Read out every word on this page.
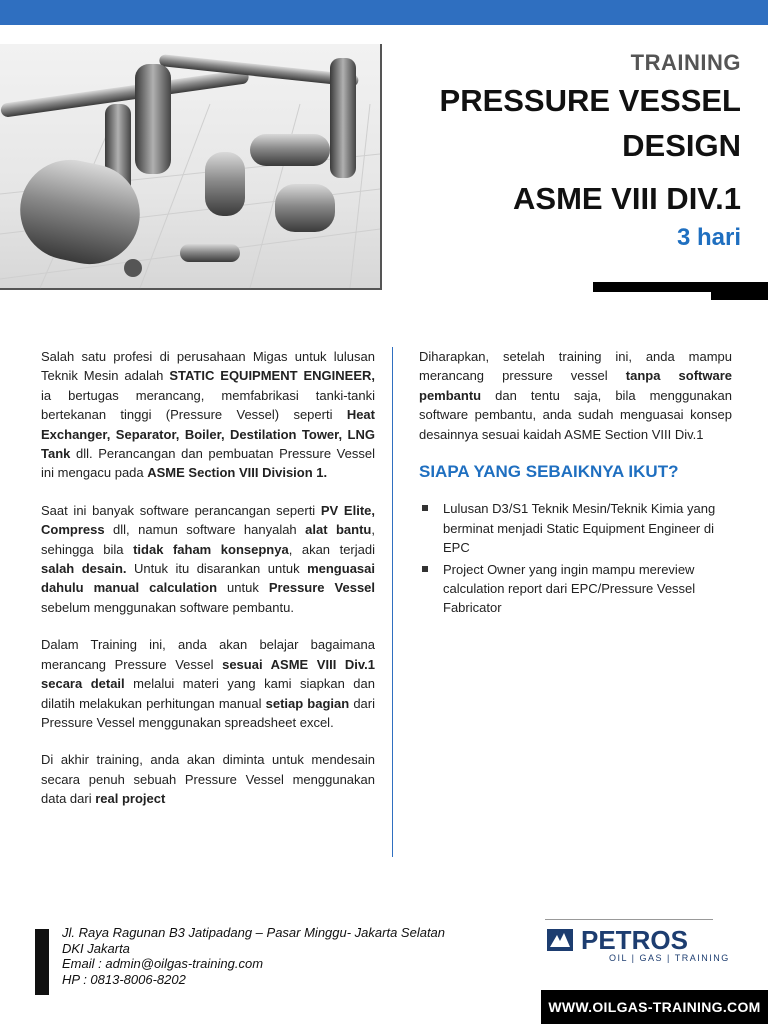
TRAINING
PRESSURE VESSEL
DESIGN
ASME VIII DIV.1
3 hari

Salah satu profesi di perusahaan Migas untuk lulusan Teknik Mesin adalah STATIC EQUIPMENT ENGINEER, ia bertugas merancang, memfabrikasi tanki-tanki bertekanan tinggi (Pressure Vessel) seperti Heat Exchanger, Separator, Boiler, Destilation Tower, LNG Tank dll. Perancangan dan pembuatan Pressure Vessel ini mengacu pada ASME Section VIII Division 1.

Saat ini banyak software perancangan seperti PV Elite, Compress dll, namun software hanyalah alat bantu, sehingga bila tidak faham konsepnya, akan terjadi salah desain. Untuk itu disarankan untuk menguasai dahulu manual calculation untuk Pressure Vessel sebelum menggunakan software pembantu.

Dalam Training ini, anda akan belajar bagaimana merancang Pressure Vessel sesuai ASME VIII Div.1 secara detail melalui materi yang kami siapkan dan dilatih melakukan perhitungan manual setiap bagian dari Pressure Vessel menggunakan spreadsheet excel.

Di akhir training, anda akan diminta untuk mendesain secara penuh sebuah Pressure Vessel menggunakan data dari real project

Diharapkan, setelah training ini, anda mampu merancang pressure vessel tanpa software pembantu dan tentu saja, bila menggunakan software pembantu, anda sudah menguasai konsep desainnya sesuai kaidah ASME Section VIII Div.1

SIAPA YANG SEBAIKNYA IKUT?
Lulusan D3/S1 Teknik Mesin/Teknik Kimia yang berminat menjadi Static Equipment Engineer di EPC
Project Owner yang ingin mampu mereview calculation report dari EPC/Pressure Vessel Fabricator
Jl. Raya Ragunan B3 Jatipadang – Pasar Minggu- Jakarta Selatan
DKI Jakarta
Email : admin@oilgas-training.com
HP : 0813-8006-8202
PETROS
OIL | GAS | TRAINING
WWW.OILGAS-TRAINING.COM
